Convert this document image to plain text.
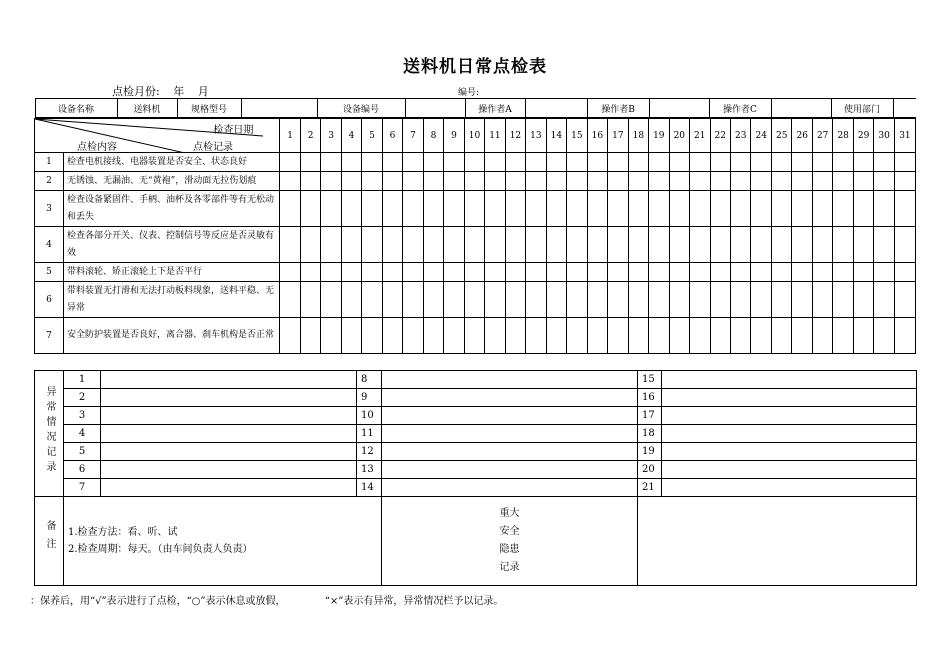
送料机日常点检表
点检月份: 年 月	编号:
设备名称	送料机	规格型号		设备编号		操作者A		操作者B		操作者C		使用部门	

检查日期
点检内容	点检记录
	1	2	3	4	5	6	7	8	9	10	11	12	13	14	15	16	17	18	19	20	21	22	23	24	25	26	27	28	29	30	31
1	检查电机接线、电器装置是否安全、状态良好																															
2	无锈蚀、无漏油、无“黄袍”，滑动面无拉伤划痕																															
3	检查设备紧固件、手柄、油杯及各零部件等有无松动和丢失																															
4	检查各部分开关、仪表、控制信号等反应是否灵敏有效																															
5	带料滚轮、矫正滚轮上下是否平行																															
6	带料装置无打滑和无法打动板料现象，送料平稳、无异常																															
7	安全防护装置是否良好，离合器、刹车机构是否正常																															
异常情况记录	1		8		15	
	2		9		16	
	3		10		17	
	4		11		18	
	5		12		19	
	6		13		20	
	7		14		21	
备注	1.检查方法：看、听、试
2.检查周期：每天。（由车间负责人负责）			重大安全隐患记录		

：保养后，用“√”表示进行了点检，“○”表示休息或放假，	“×”表示有异常，异常情况栏予以记录。
